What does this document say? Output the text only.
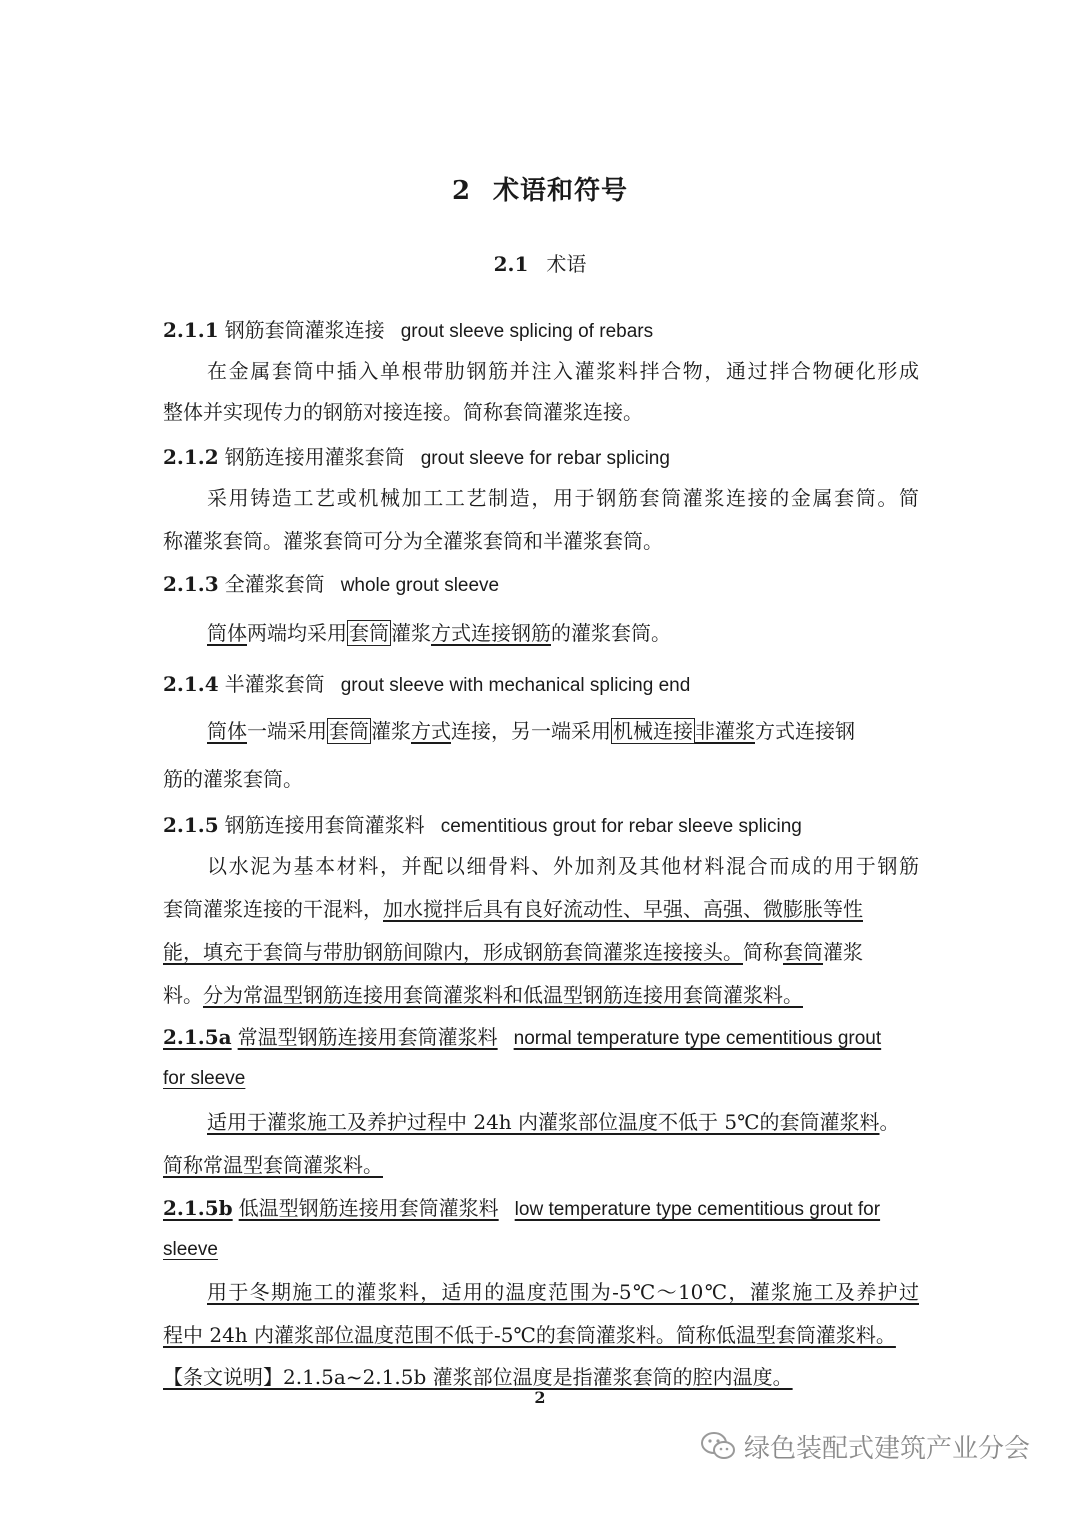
2 术语和符号
2.1 术语
2.1.1 钢筋套筒灌浆连接 grout sleeve splicing of rebars
在金属套筒中插入单根带肋钢筋并注入灌浆料拌合物，通过拌合物硬化形成
整体并实现传力的钢筋对接连接。简称套筒灌浆连接。
2.1.2 钢筋连接用灌浆套筒 grout sleeve for rebar splicing
采用铸造工艺或机械加工工艺制造，用于钢筋套筒灌浆连接的金属套筒。简
称灌浆套筒。灌浆套筒可分为全灌浆套筒和半灌浆套筒。
2.1.3 全灌浆套筒 whole grout sleeve
筒体两端均采用 套筒 灌浆方式连接钢筋的灌浆套筒。
2.1.4 半灌浆套筒 grout sleeve with mechanical splicing end
筒体一端采用 套筒 灌浆方式连接，另一端采用 机械连接 非灌浆方式连接钢
筋的灌浆套筒。
2.1.5 钢筋连接用套筒灌浆料 cementitious grout for rebar sleeve splicing
以水泥为基本材料，并配以细骨料、外加剂及其他材料混合而成的用于钢筋
套筒灌浆连接的干混料，加水搅拌后具有良好流动性、早强、高强、微膨胀等性
能，填充于套筒与带肋钢筋间隙内，形成钢筋套筒灌浆连接接头。简称套筒灌浆
料。分为常温型钢筋连接用套筒灌浆料和低温型钢筋连接用套筒灌浆料。
2.1.5a 常温型钢筋连接用套筒灌浆料 normal temperature type cementitious grout
for sleeve
适用于灌浆施工及养护过程中 24h 内灌浆部位温度不低于 5℃的套筒灌浆料。
简称常温型套筒灌浆料。
2.1.5b 低温型钢筋连接用套筒灌浆料 low temperature type cementitious grout for
sleeve
用于冬期施工的灌浆料，适用的温度范围为-5℃～10℃，灌浆施工及养护过
程中 24h 内灌浆部位温度范围不低于-5℃的套筒灌浆料。简称低温型套筒灌浆料。
【条文说明】2.1.5a~2.1.5b 灌浆部位温度是指灌浆套筒的腔内温度。
2
绿色装配式建筑产业分会
